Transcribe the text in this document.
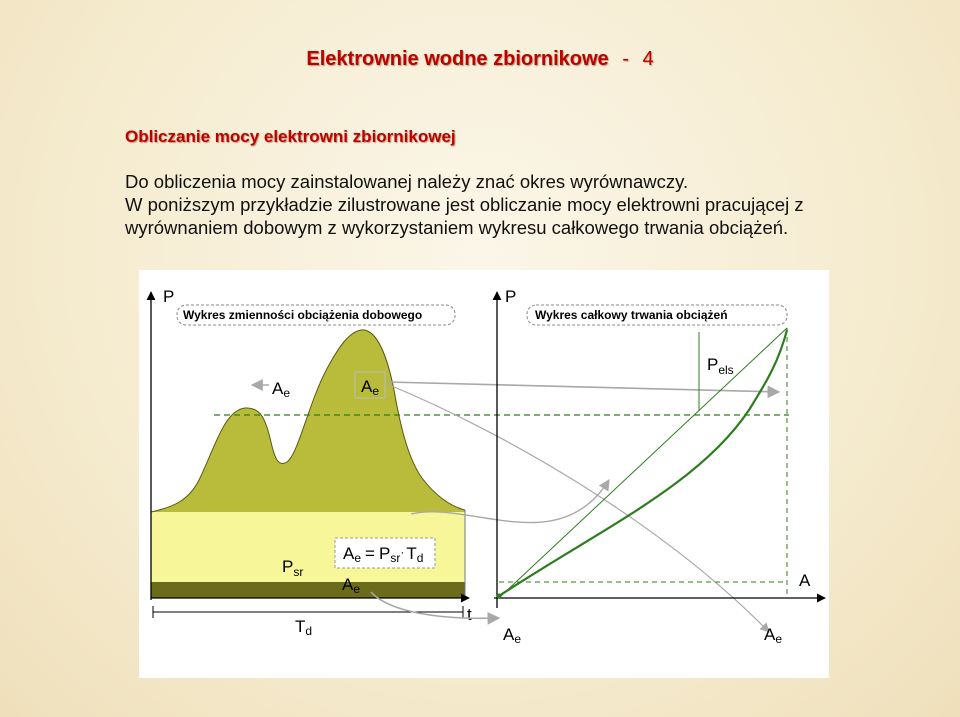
Elektrownie wodne zbiornikowe - 4
Obliczanie mocy elektrowni zbiornikowej
Do obliczenia mocy zainstalowanej należy znać okres wyrównawczy.
W poniższym przykładzie zilustrowane jest obliczanie mocy elektrowni pracującej z wyrównaniem dobowym z wykorzystaniem wykresu całkowego trwania obciążeń.
P
t
Wykres zmienności obciążenia dobowego
Ae	Ae
Ae = Psr· Td
$P_{sr}$
Ae
Td
P
A
Wykres całkowy trwania obciążeń
$P_{els}$
Ae	Ae
